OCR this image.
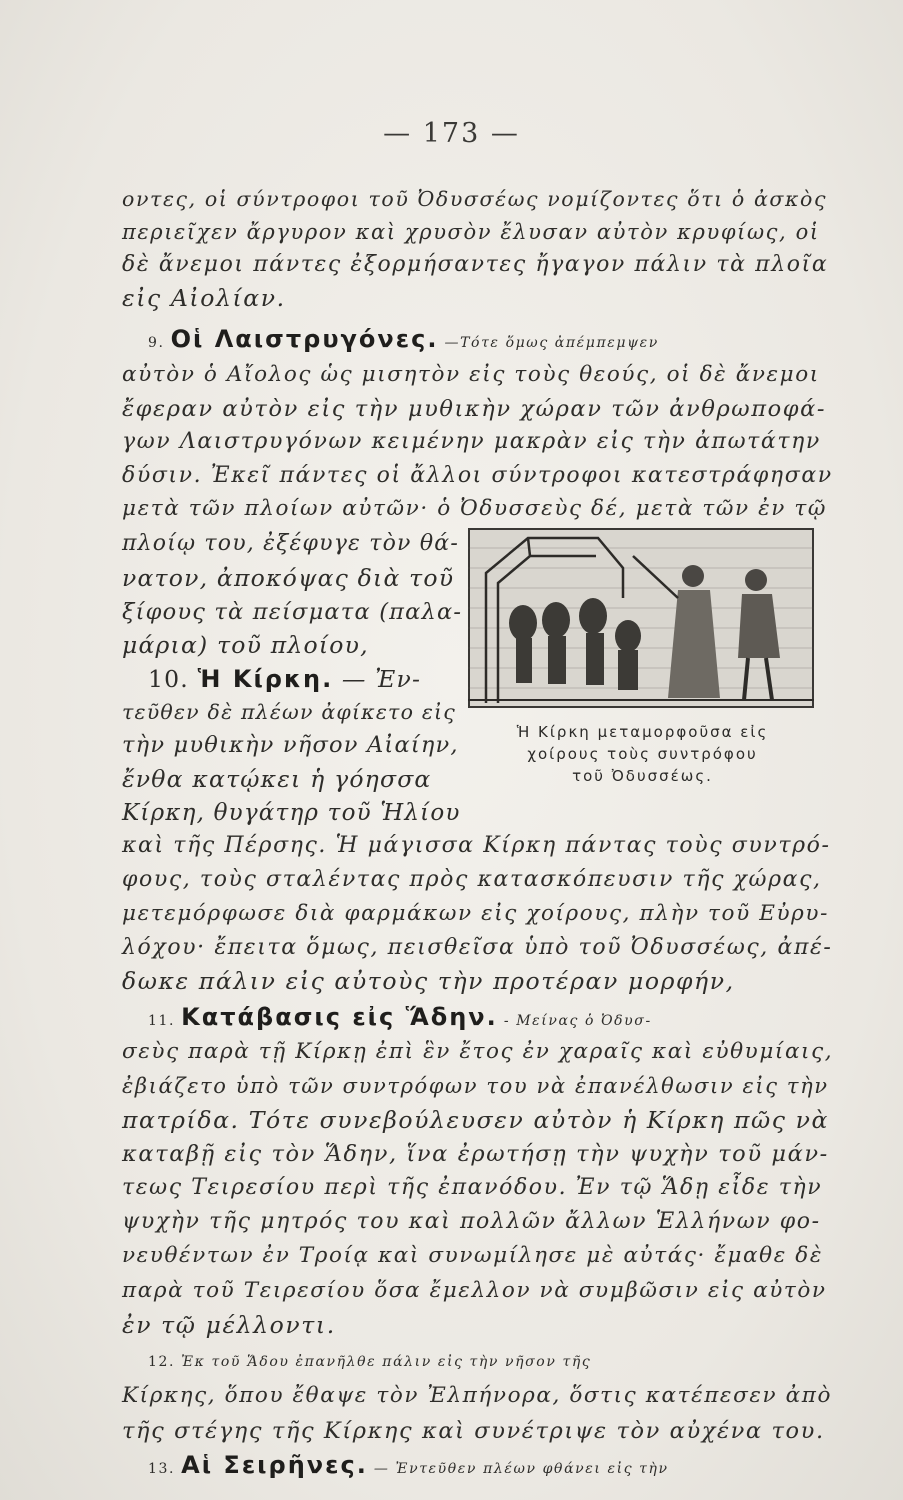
— 173 —
οντες, οἱ σύντροφοι τοῦ Ὀδυσσέως νομίζοντες ὅτι ὁ ἀσκὸς
περιεῖχεν ἄργυρον καὶ χρυσὸν ἔλυσαν αὐτὸν κρυφίως, οἱ
δὲ ἄνεμοι πάντες ἐξορμήσαντες ἤγαγον πάλιν τὰ πλοῖα
εἰς Αἰολίαν.
9. Οἱ Λαιστρυγόνες. —Τότε ὅμως ἀπέμπεμψεν
αὐτὸν ὁ Αἴολος ὡς μισητὸν εἰς τοὺς θεούς, οἱ δὲ ἄνεμοι
ἔφεραν αὐτὸν εἰς τὴν μυθικὴν χώραν τῶν ἀνθρωποφά-
γων Λαιστρυγόνων κειμένην μακρὰν εἰς τὴν ἀπωτάτην
δύσιν. Ἐκεῖ πάντες οἱ ἄλλοι σύντροφοι κατεστράφησαν
μετὰ τῶν πλοίων αὐτῶν· ὁ Ὀδυσσεὺς δέ, μετὰ τῶν ἐν τῷ
πλοίῳ του, ἐξέφυγε τὸν θά-
νατον, ἀποκόψας διὰ τοῦ
ξίφους τὰ πείσματα (παλα-
μάρια) τοῦ πλοίου,
10. Ἡ Κίρκη. — Ἐν-
τεῦθεν δὲ πλέων ἀφίκετο εἰς
τὴν μυθικὴν νῆσον Αἰαίην,
ἔνθα κατῴκει ἡ γόησσα
Κίρκη, θυγάτηρ τοῦ Ἡλίου
καὶ τῆς Πέρσης. Ἡ μάγισσα Κίρκη πάντας τοὺς συντρό-
φους, τοὺς σταλέντας πρὸς κατασκόπευσιν τῆς χώρας,
μετεμόρφωσε διὰ φαρμάκων εἰς χοίρους, πλὴν τοῦ Εὐρυ-
λόχου· ἔπειτα ὅμως, πεισθεῖσα ὑπὸ τοῦ Ὀδυσσέως, ἀπέ-
δωκε πάλιν εἰς αὐτοὺς τὴν προτέραν μορφήν,
11. Κατάβασις εἰς Ἅδην. - Μείνας ὁ Ὀδυσ-
σεὺς παρὰ τῇ Κίρκῃ ἐπὶ ἓν ἔτος ἐν χαραῖς καὶ εὐθυμίαις,
ἐβιάζετο ὑπὸ τῶν συντρόφων του νὰ ἐπανέλθωσιν εἰς τὴν
πατρίδα. Τότε συνεβούλευσεν αὐτὸν ἡ Κίρκη πῶς νὰ
καταβῇ εἰς τὸν Ἅδην, ἵνα ἐρωτήσῃ τὴν ψυχὴν τοῦ μάν-
τεως Τειρεσίου περὶ τῆς ἐπανόδου. Ἐν τῷ Ἅδῃ εἶδε τὴν
ψυχὴν τῆς μητρός του καὶ πολλῶν ἄλλων Ἑλλήνων φο-
νευθέντων ἐν Τροίᾳ καὶ συνωμίλησε μὲ αὐτάς· ἔμαθε δὲ
παρὰ τοῦ Τειρεσίου ὅσα ἔμελλον νὰ συμβῶσιν εἰς αὐτὸν
ἐν τῷ μέλλοντι.
12. Ἐκ τοῦ Ἅδου ἐπανῆλθε πάλιν εἰς τὴν νῆσον τῆς
Κίρκης, ὅπου ἔθαψε τὸν Ἐλπήνορα, ὅστις κατέπεσεν ἀπὸ
τῆς στέγης τῆς Κίρκης καὶ συνέτριψε τὸν αὐχένα του.
13. Αἱ Σειρῆνες. — Ἐντεῦθεν πλέων φθάνει εἰς τὴν
Ἡ Κίρκη μεταμορφοῦσα εἰς
χοίρους τοὺς συντρόφου
τοῦ Ὀδυσσέως.
